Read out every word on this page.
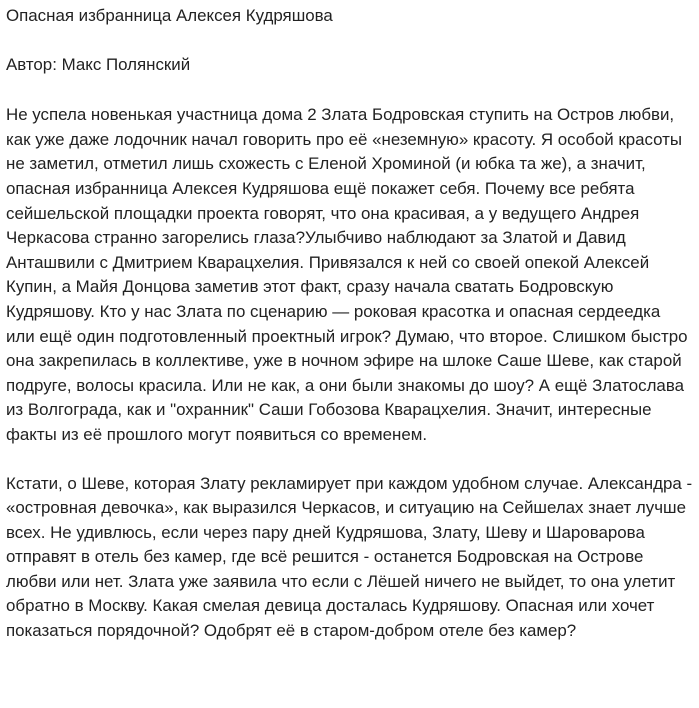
Опасная избранница Алексея Кудряшова

Автор: Макс Полянский

Не успела новенькая участница дома 2 Злата Бодровская ступить на Остров любви, как уже даже лодочник начал говорить про её «неземную» красоту. Я особой красоты не заметил, отметил лишь схожесть с Еленой Хроминой (и юбка та же), а значит, опасная избранница Алексея Кудряшова ещё покажет себя. Почему все ребята сейшельской площадки проекта говорят, что она красивая, а у ведущего Андрея Черкасова странно загорелись глаза?Улыбчиво наблюдают за Златой и Давид Анташвили с Дмитрием Кварацхелия. Привязался к ней со своей опекой Алексей Купин, а Майя Донцова заметив этот факт, сразу начала сватать Бодровскую Кудряшову. Кто у нас Злата по сценарию — роковая красотка и опасная сердеедка или ещё один подготовленный проектный игрок? Думаю, что второе. Слишком быстро она закрепилась в коллективе, уже в ночном эфире на шлоке Саше Шеве, как старой подруге, волосы красила. Или не как, а они были знакомы до шоу? А ещё Златослава из Волгограда, как и "охранник" Саши Гобозова Кварацхелия. Значит, интересные факты из её прошлого могут появиться со временем.

Кстати, о Шеве, которая Злату рекламирует при каждом удобном случае. Александра - «островная девочка», как выразился Черкасов, и ситуацию на Сейшелах знает лучше всех. Не удивлюсь, если через пару дней Кудряшова, Злату, Шеву и Шароварова отправят в отель без камер, где всё решится - останется Бодровская на Острове любви или нет. Злата уже заявила что если с Лёшей ничего не выйдет, то она улетит обратно в Москву. Какая смелая девица досталась Кудряшову. Опасная или хочет показаться порядочной? Одобрят её в старом-добром отеле без камер?
